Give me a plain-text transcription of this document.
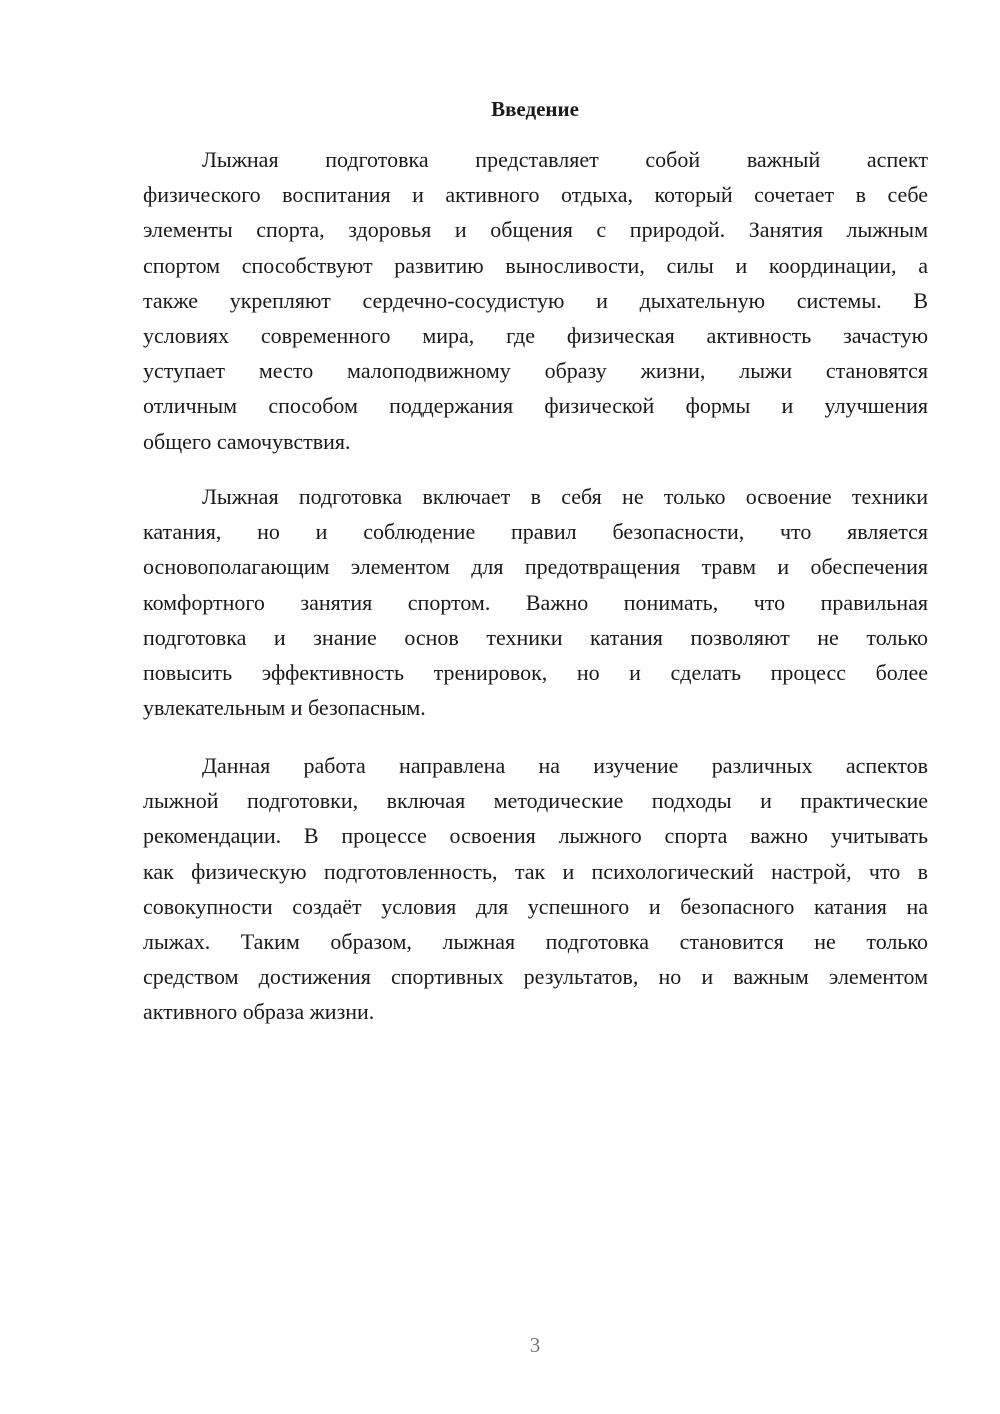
Введение
Лыжная подготовка представляет собой важный аспект
физического воспитания и активного отдыха, который сочетает в себе
элементы спорта, здоровья и общения с природой. Занятия лыжным
спортом способствуют развитию выносливости, силы и координации, а
также укрепляют сердечно-сосудистую и дыхательную системы. В
условиях современного мира, где физическая активность зачастую
уступает место малоподвижному образу жизни, лыжи становятся
отличным способом поддержания физической формы и улучшения
общего самочувствия.
Лыжная подготовка включает в себя не только освоение техники
катания, но и соблюдение правил безопасности, что является
основополагающим элементом для предотвращения травм и обеспечения
комфортного занятия спортом. Важно понимать, что правильная
подготовка и знание основ техники катания позволяют не только
повысить эффективность тренировок, но и сделать процесс более
увлекательным и безопасным.
Данная работа направлена на изучение различных аспектов
лыжной подготовки, включая методические подходы и практические
рекомендации. В процессе освоения лыжного спорта важно учитывать
как физическую подготовленность, так и психологический настрой, что в
совокупности создаёт условия для успешного и безопасного катания на
лыжах. Таким образом, лыжная подготовка становится не только
средством достижения спортивных результатов, но и важным элементом
активного образа жизни.
3
